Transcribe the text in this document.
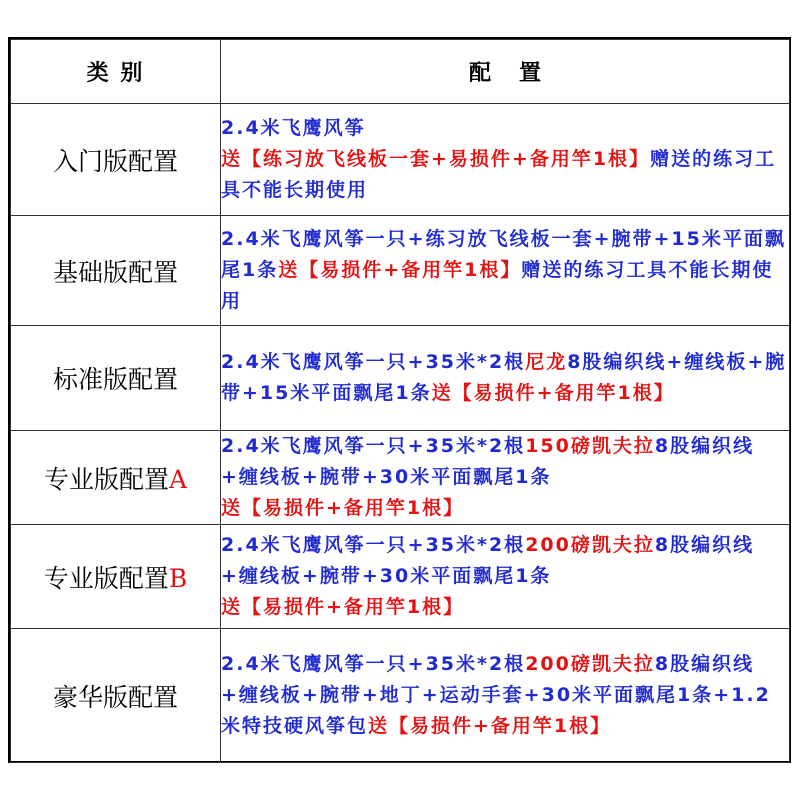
类 别	配置
入门版配置	2.4米飞鹰风筝送【练习放飞线板一套+易损件+备用竿1根】赠送的练习工具不能长期使用
基础版配置	2.4米飞鹰风筝一只+练习放飞线板一套+腕带+15米平面飘尾1条送【易损件+备用竿1根】赠送的练习工具不能长期使用
标准版配置	2.4米飞鹰风筝一只+35米*2根尼龙8股编织线+缠线板+腕带+15米平面飘尾1条送【易损件+备用竿1根】
专业版配置A	2.4米飞鹰风筝一只+35米*2根150磅凯夫拉8股编织线+缠线板+腕带+30米平面飘尾1条送【易损件+备用竿1根】
专业版配置B	2.4米飞鹰风筝一只+35米*2根200磅凯夫拉8股编织线+缠线板+腕带+30米平面飘尾1条送【易损件+备用竿1根】
豪华版配置	2.4米飞鹰风筝一只+35米*2根200磅凯夫拉8股编织线+缠线板+腕带+地丁+运动手套+30米平面飘尾1条+1.2米特技硬风筝包送【易损件+备用竿1根】
